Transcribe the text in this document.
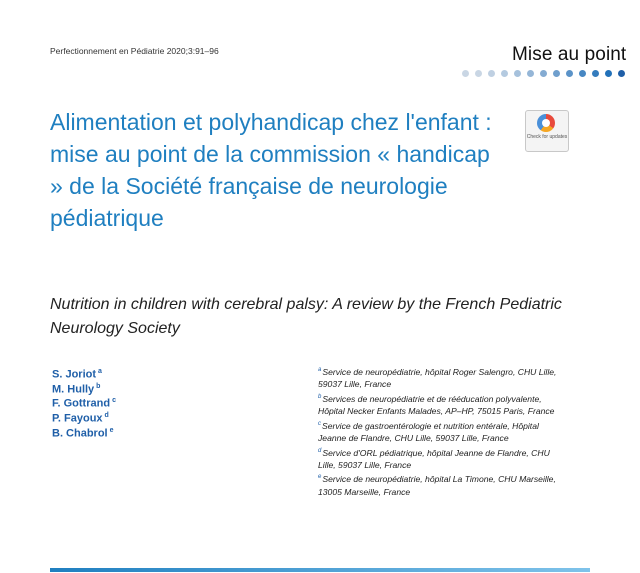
Perfectionnement en Pédiatrie 2020;3:91–96	Mise au point
Alimentation et polyhandicap chez l'enfant : mise au point de la commission « handicap » de la Société française de neurologie pédiatrique
Check for updates

Nutrition in children with cerebral palsy: A review by the French Pediatric Neurology Society

S. Joriot $^a$
M. Hully $^b$
F. Gottrand $^c$
P. Fayoux $^d$
B. Chabrol $^e$
$^a$Service de neuropédiatrie, hôpital Roger Salengro, CHU Lille, 59037 Lille, France
$^b$Services de neuropédiatrie et de rééducation polyvalente, Hôpital Necker Enfants Malades, AP–HP, 75015 Paris, France
$^c$Service de gastroentérologie et nutrition entérale, Hôpital Jeanne de Flandre, CHU Lille, 59037 Lille, France
$^d$Service d'ORL pédiatrique, hôpital Jeanne de Flandre, CHU Lille, 59037 Lille, France
$^e$Service de neuropédiatrie, hôpital La Timone, CHU Marseille, 13005 Marseille, France
